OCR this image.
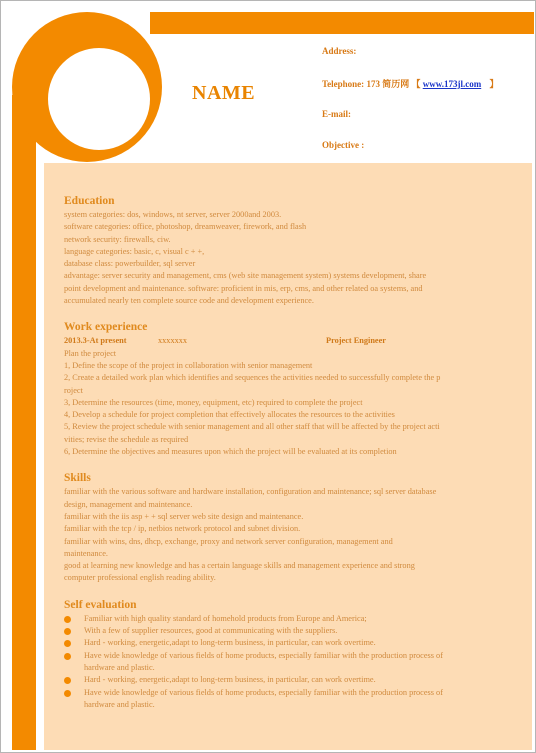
NAME
Address:
Telephone: 173 简历网 【 www.173jl.com 】
E-mail:
Objective :
Education

system categories: dos, windows, nt server, server 2000and 2003.

software categories: office, photoshop, dreamweaver, firework, and flash

network security: firewalls, ciw.

language categories: basic, c, visual c + +,

database class: powerbuilder, sql server

advantage: server security and management, cms (web site management system) systems development, share

point development and maintenance. software: proficient in mis, erp, cms, and other related oa systems, and

accumulated nearly ten complete source code and development experience.

Work experience
2013.3-At present	xxxxxxx	Project Engineer

Plan the project

1, Define the scope of the project in collaboration with senior management

2, Create a detailed work plan which identifies and sequences the activities needed to successfully complete the p

roject

3, Determine the resources (time, money, equipment, etc) required to complete the project

4, Develop a schedule for project completion that effectively allocates the resources to the activities

5, Review the project schedule with senior management and all other staff that will be affected by the project acti

vities; revise the schedule as required

6, Determine the objectives and measures upon which the project will be evaluated at its completion

Skills

familiar with the various software and hardware installation, configuration and maintenance; sql server database

design, management and maintenance.

familiar with the iis asp + + sql server web site design and maintenance.

familiar with the tcp / ip, netbios network protocol and subnet division.

familiar with wins, dns, dhcp, exchange, proxy and network server configuration, management and

maintenance.

good at learning new knowledge and has a certain language skills and management experience and strong

computer professional english reading ability.

Self evaluation
Familiar with high quality standard of homehold products from Europe and America;
With a few of supplier resources, good at communicating with the suppliers.
Hard - working, energetic,adapt to long-term business, in particular, can work overtime.
Have wide knowledge of various fields of home products, especially familiar with the production process of
hardware and plastic.
Hard - working, energetic,adapt to long-term business, in particular, can work overtime.
Have wide knowledge of various fields of home products, especially familiar with the production process of
hardware and plastic.
